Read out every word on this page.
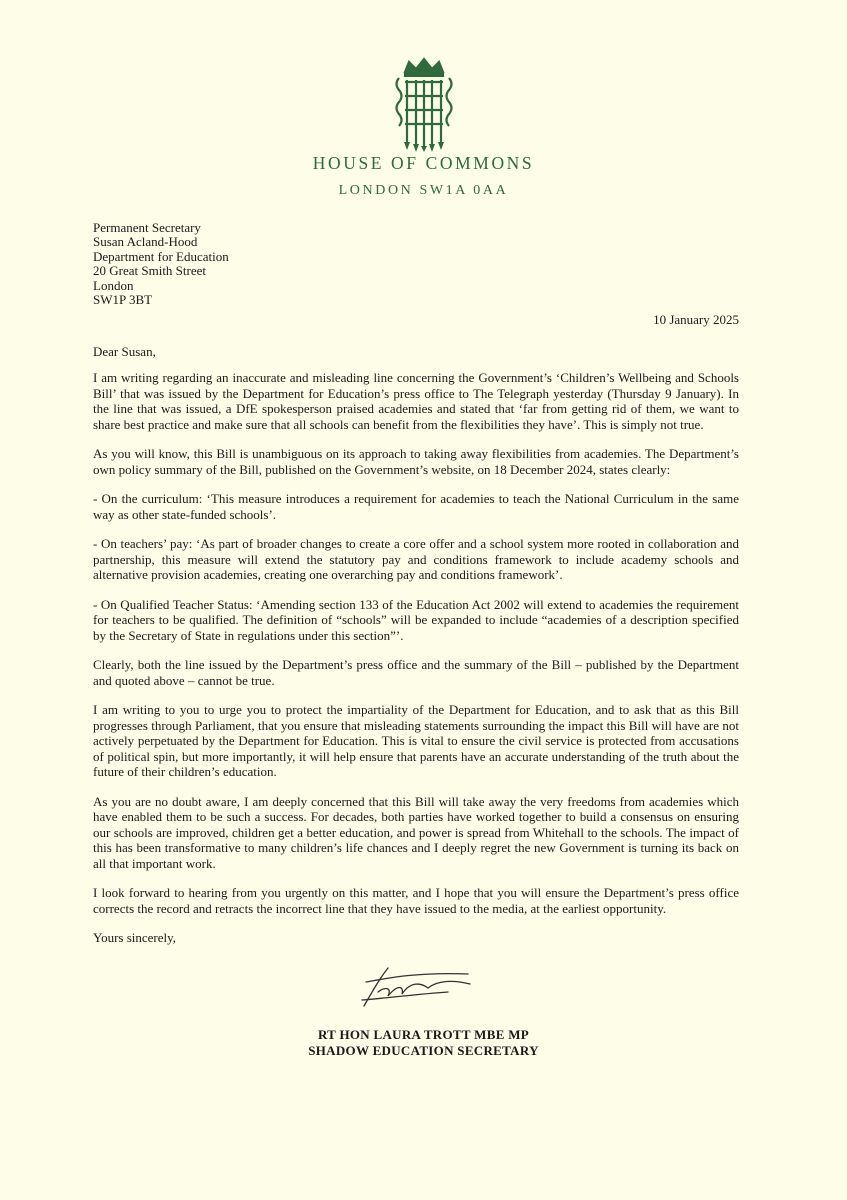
HOUSE OF COMMONS
LONDON SW1A 0AA
Permanent Secretary
Susan Acland-Hood
Department for Education
20 Great Smith Street
London
SW1P 3BT
10 January 2025
Dear Susan,

I am writing regarding an inaccurate and misleading line concerning the Government’s ‘Children’s Wellbeing and Schools Bill’ that was issued by the Department for Education’s press office to The Telegraph yesterday (Thursday 9 January). In the line that was issued, a DfE spokesperson praised academies and stated that ‘far from getting rid of them, we want to share best practice and make sure that all schools can benefit from the flexibilities they have’. This is simply not true.

As you will know, this Bill is unambiguous on its approach to taking away flexibilities from academies. The Department’s own policy summary of the Bill, published on the Government’s website, on 18 December 2024, states clearly:

- On the curriculum: ‘This measure introduces a requirement for academies to teach the National Curriculum in the same way as other state-funded schools’.

- On teachers’ pay: ‘As part of broader changes to create a core offer and a school system more rooted in collaboration and partnership, this measure will extend the statutory pay and conditions framework to include academy schools and alternative provision academies, creating one overarching pay and conditions framework’.

- On Qualified Teacher Status: ‘Amending section 133 of the Education Act 2002 will extend to academies the requirement for teachers to be qualified. The definition of “schools” will be expanded to include “academies of a description specified by the Secretary of State in regulations under this section”’.

Clearly, both the line issued by the Department’s press office and the summary of the Bill – published by the Department and quoted above – cannot be true.

I am writing to you to urge you to protect the impartiality of the Department for Education, and to ask that as this Bill progresses through Parliament, that you ensure that misleading statements surrounding the impact this Bill will have are not actively perpetuated by the Department for Education. This is vital to ensure the civil service is protected from accusations of political spin, but more importantly, it will help ensure that parents have an accurate understanding of the truth about the future of their children’s education.

As you are no doubt aware, I am deeply concerned that this Bill will take away the very freedoms from academies which have enabled them to be such a success. For decades, both parties have worked together to build a consensus on ensuring our schools are improved, children get a better education, and power is spread from Whitehall to the schools. The impact of this has been transformative to many children’s life chances and I deeply regret the new Government is turning its back on all that important work.

I look forward to hearing from you urgently on this matter, and I hope that you will ensure the Department’s press office corrects the record and retracts the incorrect line that they have issued to the media, at the earliest opportunity.

Yours sincerely,

RT HON LAURA TROTT MBE MP
SHADOW EDUCATION SECRETARY
